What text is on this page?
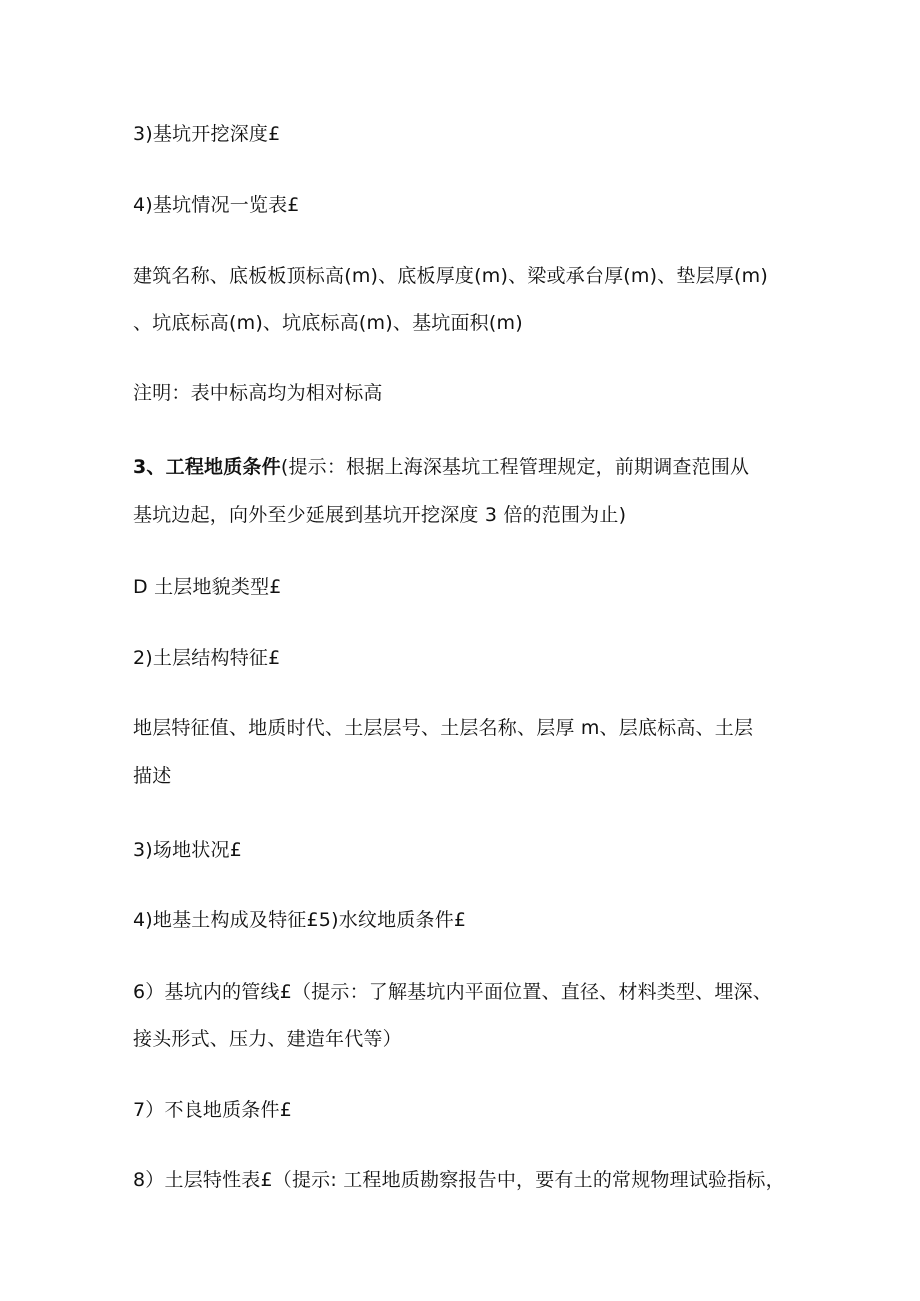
3)基坑开挖深度£
4)基坑情况一览表£
建筑名称、底板板顶标高(m)、底板厚度(m)、梁或承台厚(m)、垫层厚(m)
、坑底标高(m)、坑底标高(m)、基坑面积(m)
注明：表中标高均为相对标高
3、工程地质条件(提示：根据上海深基坑工程管理规定，前期调查范围从
基坑边起，向外至少延展到基坑开挖深度 3 倍的范围为止)
D 土层地貌类型£
2)土层结构特征£
地层特征值、地质时代、土层层号、土层名称、层厚 m、层底标高、土层
描述
3)场地状况£
4)地基土构成及特征£5)水纹地质条件£
6）基坑内的管线£（提示：了解基坑内平面位置、直径、材料类型、埋深、
接头形式、压力、建造年代等）
7）不良地质条件£
8）土层特性表£（提示: 工程地质勘察报告中，要有土的常规物理试验指标，
